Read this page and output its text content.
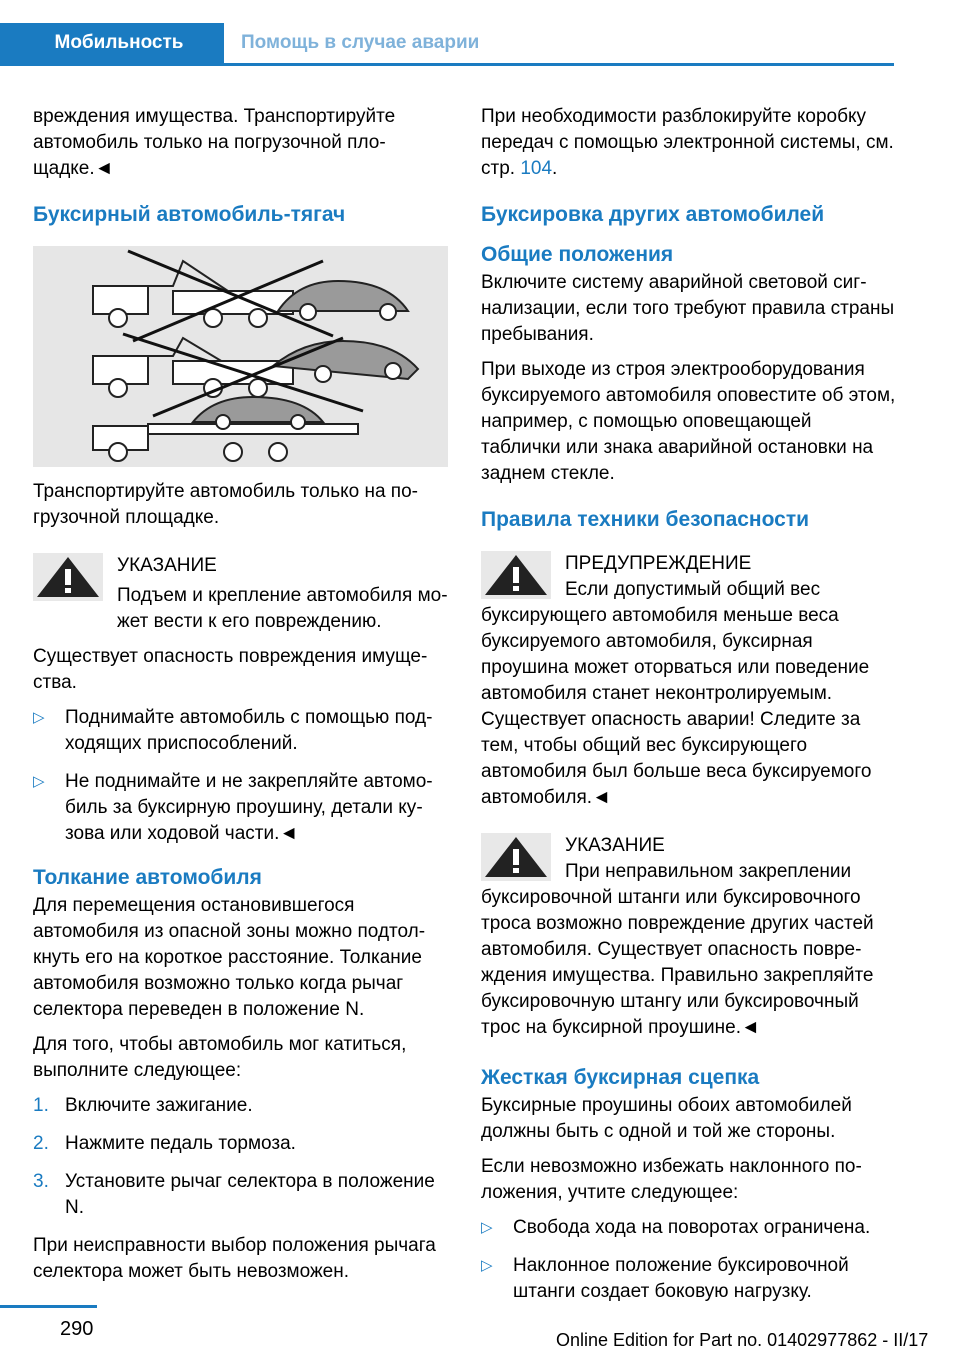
Мобильность	Помощь в случае аварии

вреждения имущества. Транспортируйте автомобиль только на погрузочной площадке.◄

Буксирный автомобиль-тягач

Транспортируйте автомобиль только на погрузочной площадке.

УКАЗАНИЕ

Подъем и крепление автомобиля может вести к его повреждению.

Существует опасность повреждения имущества.

▷ Поднимайте автомобиль с помощью подходящих приспособлений.
▷ Не поднимайте и не закрепляйте автомобиль за буксирную проушину, детали кузова или ходовой части.◄
Толкание автомобиля

Для перемещения остановившегося автомобиля из опасной зоны можно подтолкнуть его на короткое расстояние. Толкание автомобиля возможно только когда рычаг селектора переведен в положение N.

Для того, чтобы автомобиль мог катиться, выполните следующее:

1. Включите зажигание.
2. Нажмите педаль тормоза.
3. Установите рычаг селектора в положение N.

При неисправности выбор положения рычага селектора может быть невозможен.

При необходимости разблокируйте коробку передач с помощью электронной системы, см. стр. 104.

Буксировка других автомобилей
Общие положения

Включите систему аварийной световой сигнализации, если того требуют правила страны пребывания.

При выходе из строя электрооборудования буксируемого автомобиля оповестите об этом, например, с помощью оповещающей таблички или знака аварийной остановки на заднем стекле.

Правила техники безопасности

ПРЕДУПРЕЖДЕНИЕ

Если допустимый общий вес буксирующего автомобиля меньше веса буксируемого автомобиля, буксирная проушина может оторваться или поведение автомобиля станет неконтролируемым. Существует опасность аварии! Следите за тем, чтобы общий вес буксирующего автомобиля был больше веса буксируемого автомобиля.◄

УКАЗАНИЕ

При неправильном закреплении буксировочной штанги или буксировочного троса возможно повреждение других частей автомобиля. Существует опасность повреждения имущества. Правильно закрепляйте буксировочную штангу или буксировочный трос на буксирной проушине.◄

Жесткая буксирная сцепка

Буксирные проушины обоих автомобилей должны быть с одной и той же стороны.

Если невозможно избежать наклонного положения, учтите следующее:

▷ Свобода хода на поворотах ограничена.
▷ Наклонное положение буксировочной штанги создает боковую нагрузку.
290	Online Edition for Part no. 01402977862 - II/17
